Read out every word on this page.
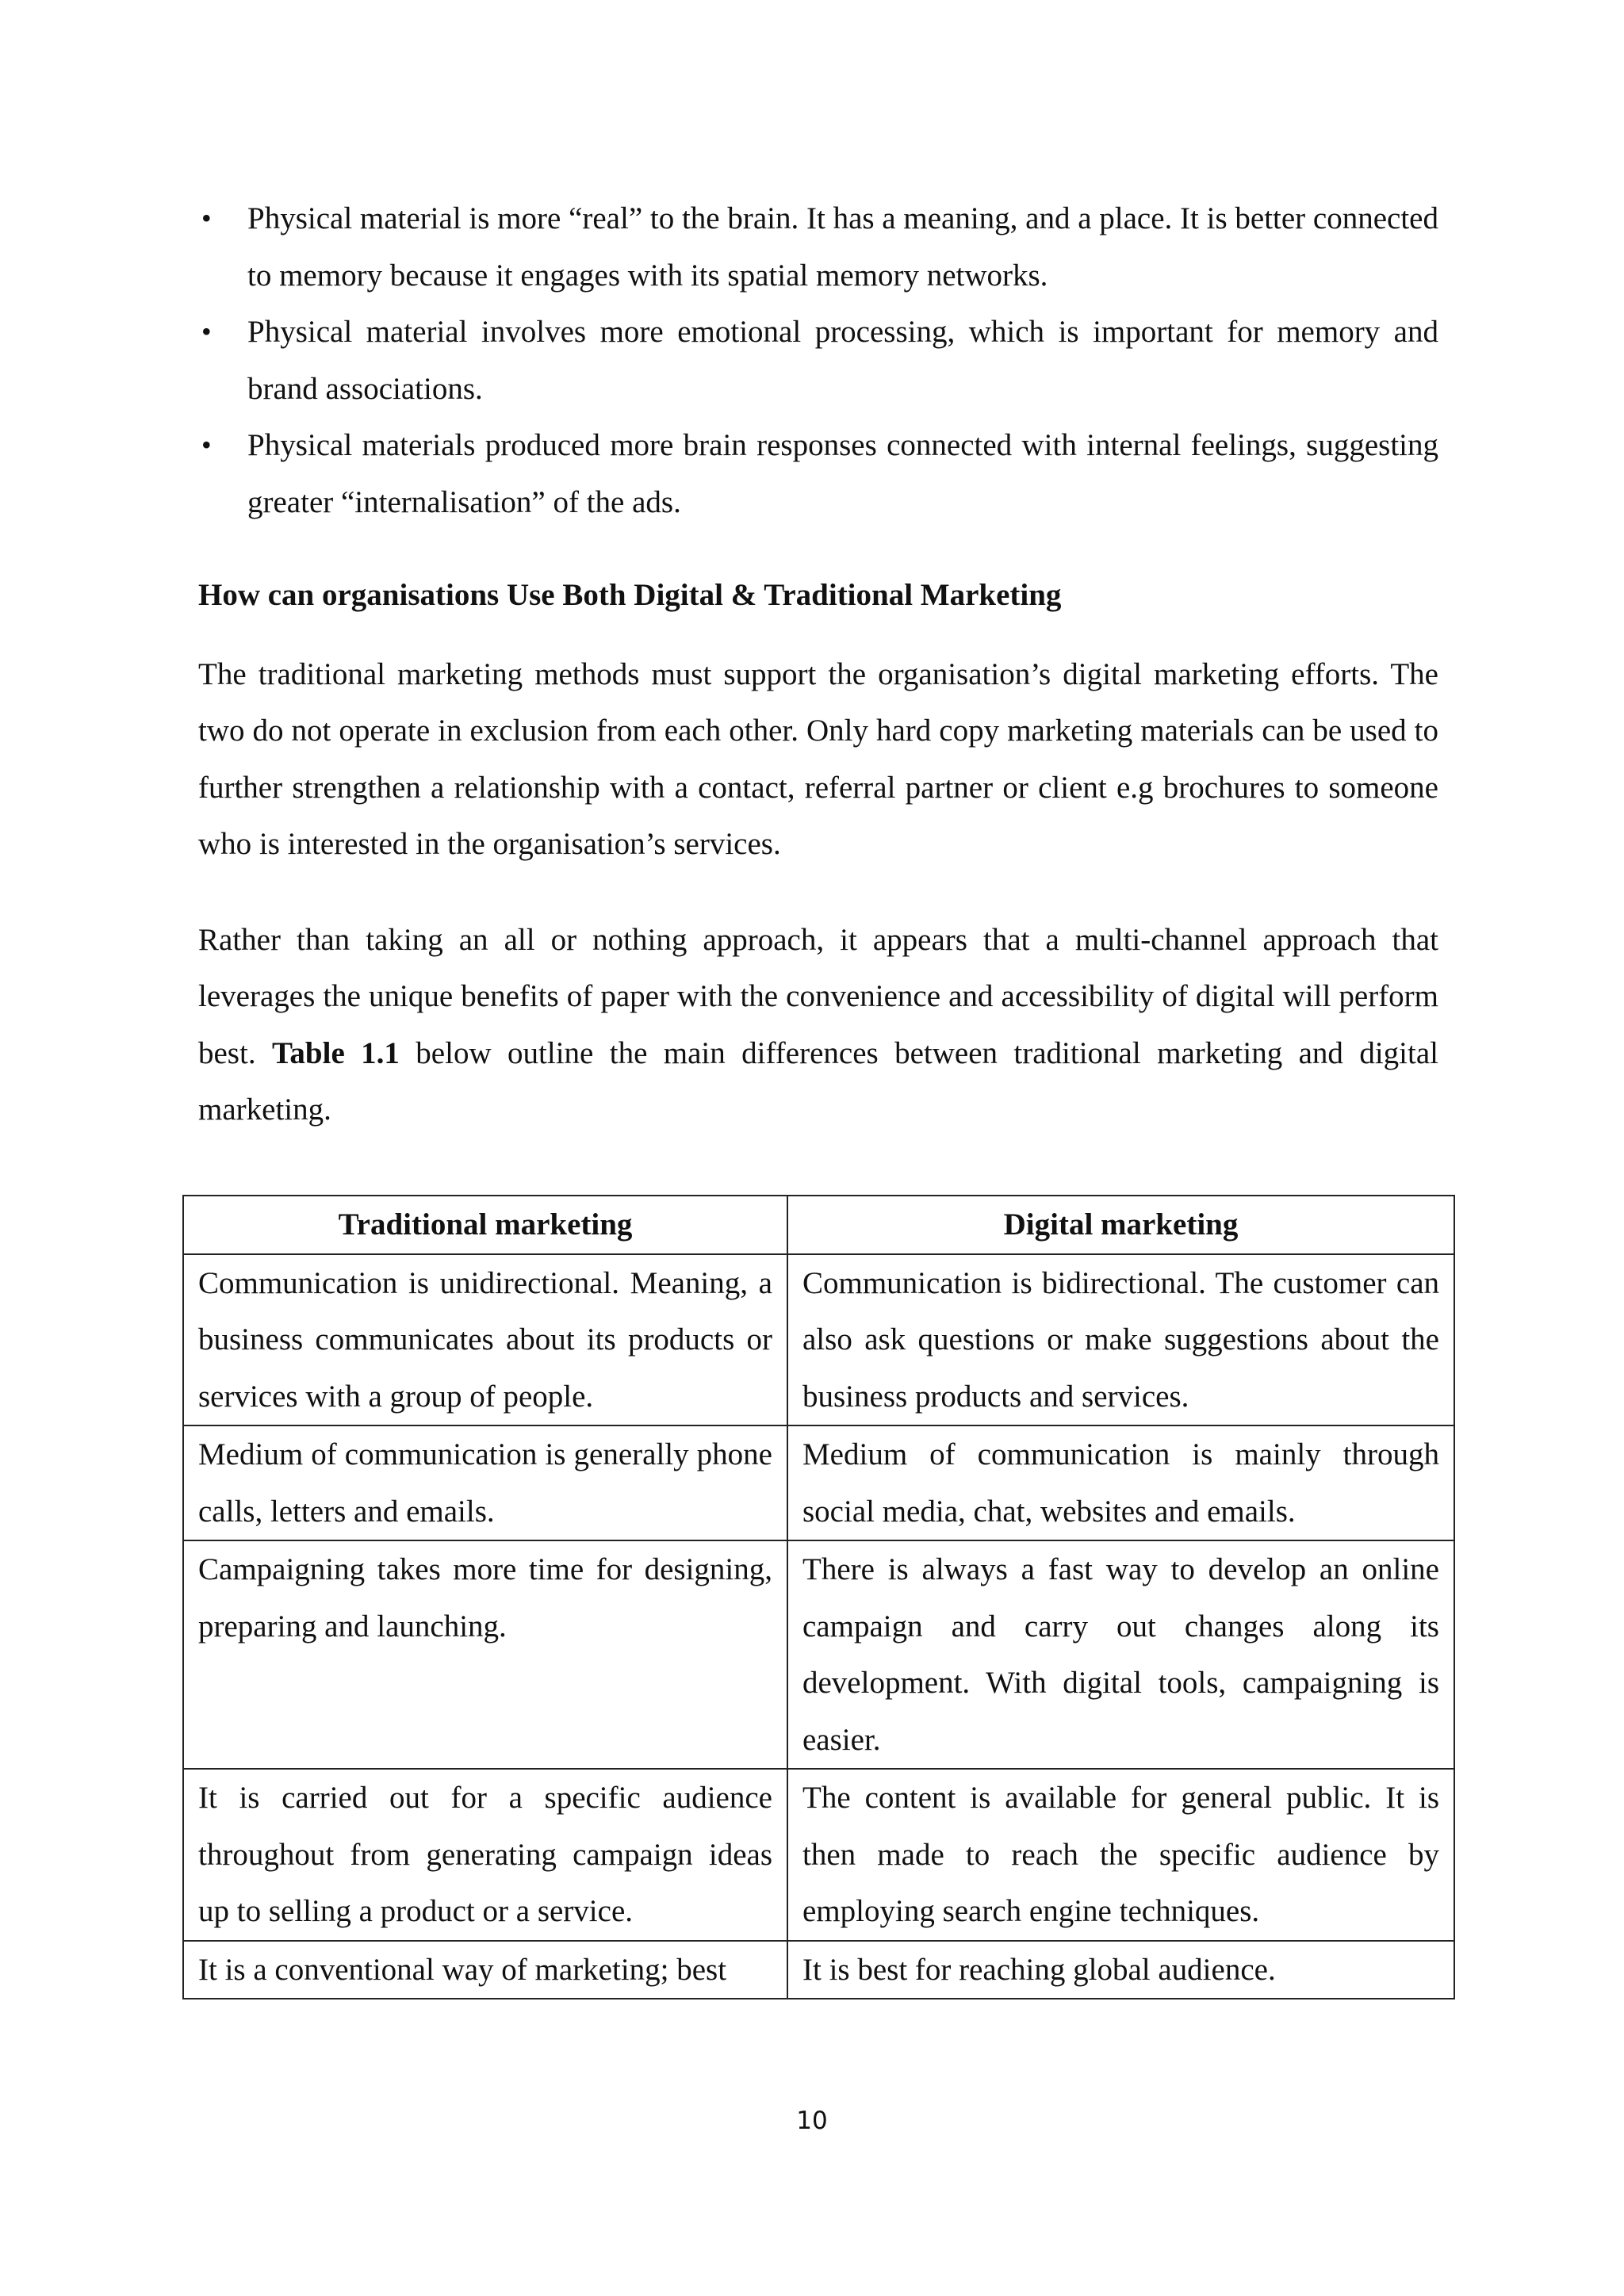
• Physical material is more “real” to the brain. It has a meaning, and a place. It is better connected to memory because it engages with its spatial memory networks.
• Physical material involves more emotional processing, which is important for memory and brand associations.
• Physical materials produced more brain responses connected with internal feelings, suggesting greater “internalisation” of the ads.
How can organisations Use Both Digital & Traditional Marketing

The traditional marketing methods must support the organisation’s digital marketing efforts. The two do not operate in exclusion from each other. Only hard copy marketing materials can be used to further strengthen a relationship with a contact, referral partner or client e.g brochures to someone who is interested in the organisation’s services.

Rather than taking an all or nothing approach, it appears that a multi-channel approach that leverages the unique benefits of paper with the convenience and accessibility of digital will perform best. Table 1.1 below outline the main differences between traditional marketing and digital marketing.

Traditional marketing	Digital marketing
Communication is unidirectional. Meaning, a business communicates about its products or services with a group of people.	Communication is bidirectional. The customer can also ask questions or make suggestions about the business products and services.
Medium of communication is generally phone calls, letters and emails.	Medium of communication is mainly through social media, chat, websites and emails.
Campaigning takes more time for designing, preparing and launching.	There is always a fast way to develop an online campaign and carry out changes along its development. With digital tools, campaigning is easier.
It is carried out for a specific audience throughout from generating campaign ideas up to selling a product or a service.	The content is available for general public. It is then made to reach the specific audience by employing search engine techniques.
It is a conventional way of marketing; best	It is best for reaching global audience.
10
